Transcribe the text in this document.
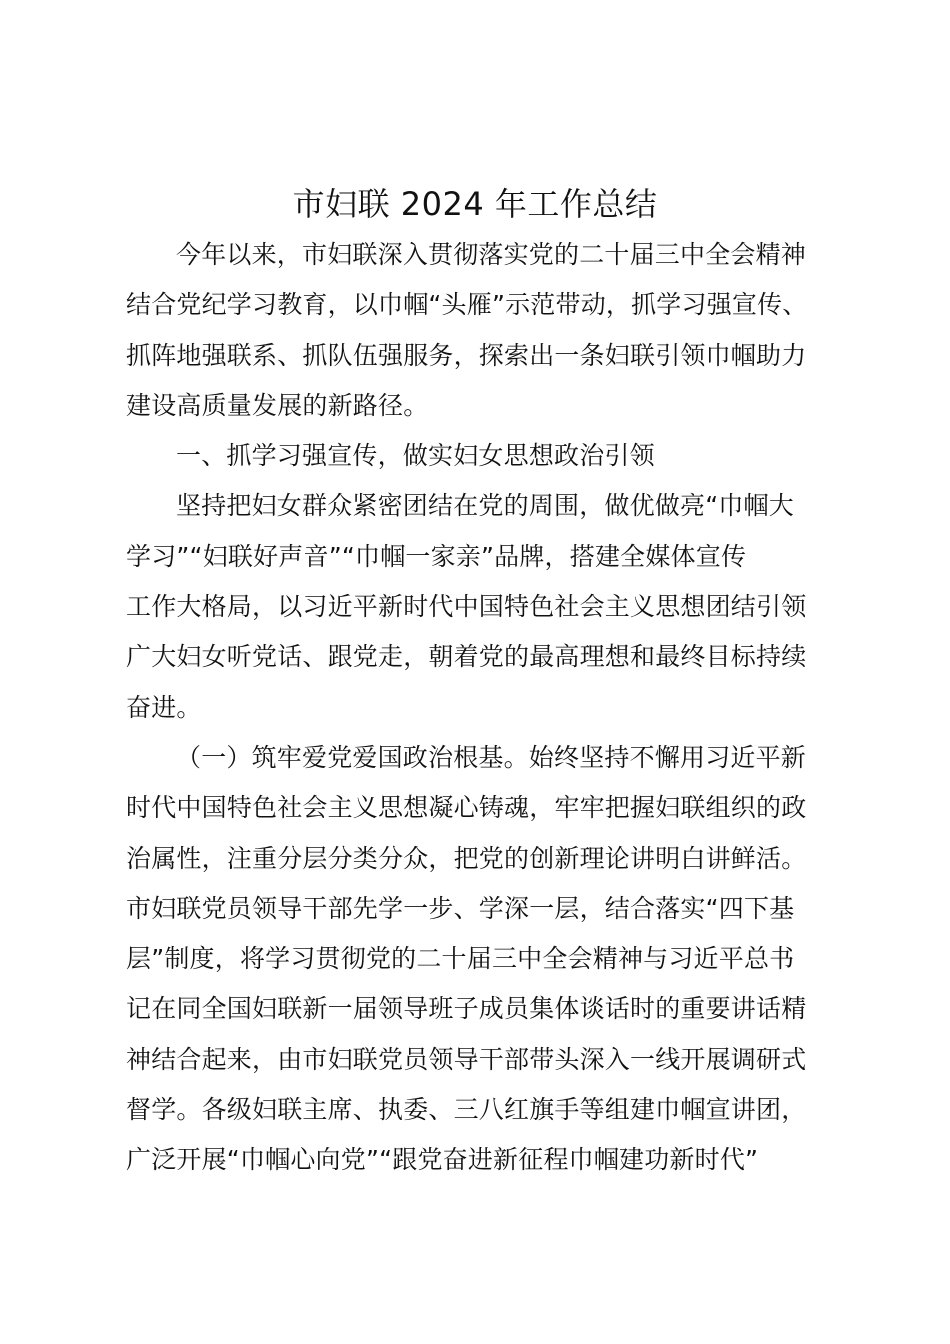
市妇联 2024 年工作总结
今年以来，市妇联深入贯彻落实党的二十届三中全会精神
结合党纪学习教育，以巾帼“头雁”示范带动，抓学习强宣传、
抓阵地强联系、抓队伍强服务，探索出一条妇联引领巾帼助力
建设高质量发展的新路径。
一、抓学习强宣传，做实妇女思想政治引领
坚持把妇女群众紧密团结在党的周围，做优做亮“巾帼大
学习”“妇联好声音”“巾帼一家亲”品牌，搭建全媒体宣传
工作大格局，以习近平新时代中国特色社会主义思想团结引领
广大妇女听党话、跟党走，朝着党的最高理想和最终目标持续
奋进。
（一）筑牢爱党爱国政治根基。始终坚持不懈用习近平新
时代中国特色社会主义思想凝心铸魂，牢牢把握妇联组织的政
治属性，注重分层分类分众，把党的创新理论讲明白讲鲜活。
市妇联党员领导干部先学一步、学深一层，结合落实“四下基
层”制度，将学习贯彻党的二十届三中全会精神与习近平总书
记在同全国妇联新一届领导班子成员集体谈话时的重要讲话精
神结合起来，由市妇联党员领导干部带头深入一线开展调研式
督学。各级妇联主席、执委、三八红旗手等组建巾帼宣讲团，
广泛开展“巾帼心向党”“跟党奋进新征程巾帼建功新时代”
